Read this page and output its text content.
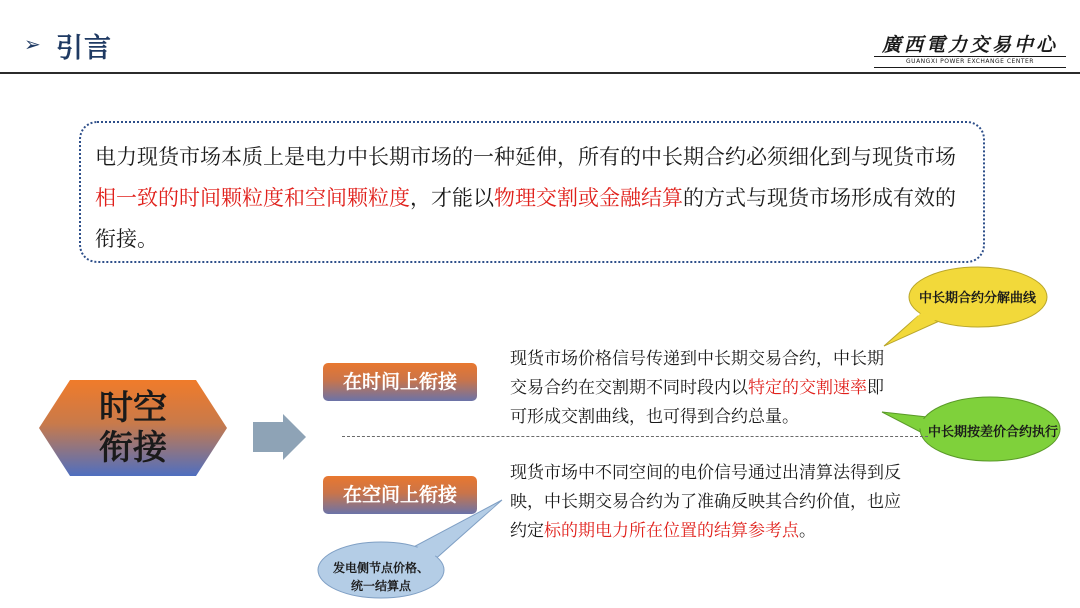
➢ 引言	廣西電力交易中心
GUANGXI POWER EXCHANGE CENTER
电力现货市场本质上是电力中长期市场的一种延伸，所有的中长期合约必须细化到与现货市场相一致的时间颗粒度和空间颗粒度，才能以物理交割或金融结算的方式与现货市场形成有效的衔接。
时空
衔接
在时间上衔接
在空间上衔接
现货市场价格信号传递到中长期交易合约，中长期交易合约在交割期不同时段内以特定的交割速率即可形成交割曲线，也可得到合约总量。
现货市场中不同空间的电价信号通过出清算法得到反映，中长期交易合约为了准确反映其合约价值，也应约定标的期电力所在位置的结算参考点。
中长期合约分解曲线
中长期按差价合约执行
发电侧节点价格、
统一结算点
